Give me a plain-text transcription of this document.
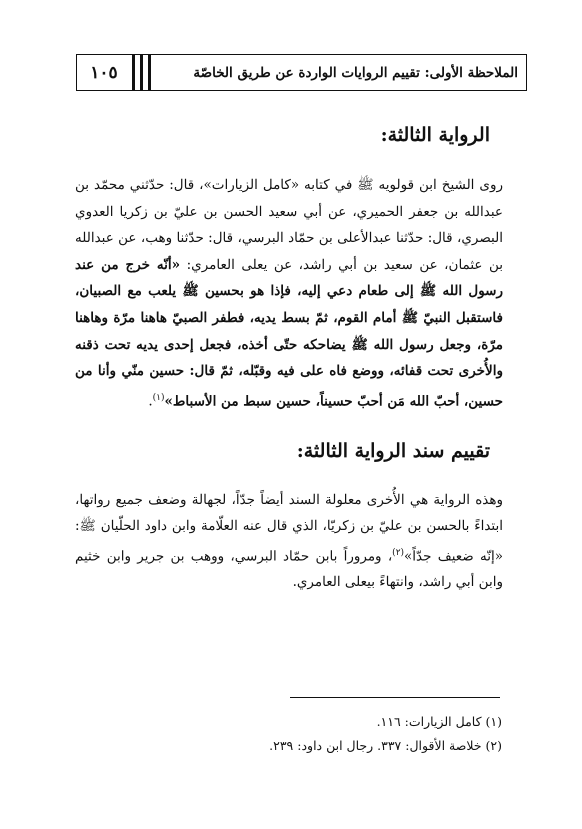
١٠٥	الملاحظة الأولى: تقييم الروايات الواردة عن طريق الخاصّة
الرواية الثالثة:

روى الشيخ ابن قولويه ﷺ في كتابه «كامل الزيارات»، قال: حدّثني محمّد بن عبدالله بن جعفر الحميري، عن أبي سعيد الحسن بن عليّ بن زكريا العدوي البصري، قال: حدّثنا عبدالأعلى بن حمّاد البرسي، قال: حدّثنا وهب، عن عبدالله بن عثمان، عن سعيد بن أبي راشد، عن يعلى العامري: «أنّه خرج من عند رسول الله ﷺ إلى طعام دعي إليه، فإذا هو بحسين ﷺ يلعب مع الصبيان، فاستقبل النبيّ ﷺ أمام القوم، ثمّ بسط يديه، فطفر الصبيّ هاهنا مرّة وهاهنا مرّة، وجعل رسول الله ﷺ يضاحكه حتّى أخذه، فجعل إحدى يديه تحت ذقنه والأُخرى تحت قفائه، ووضع فاه على فيه وقبّله، ثمّ قال: حسين منّي وأنا من حسين، أحبّ الله مَن أحبّ حسيناً، حسين سبط من الأسباط»$^{(١)}$.

تقييم سند الرواية الثالثة:

وهذه الرواية هي الأُخرى معلولة السند أيضاً جدّاً، لجهالة وضعف جميع رواتها، ابتداءً بالحسن بن عليّ بن زكريّا، الذي قال عنه العلّامة وابن داود الحلّيان ﷺ: «إنّه ضعيف جدّاً»$^{(٢)}$، ومروراً بابن حمّاد البرسي، ووهب بن جرير وابن خثيم وابن أبي راشد، وانتهاءً بيعلى العامري.

(١) كامل الزيارات: ١١٦.
(٢) خلاصة الأقوال: ٣٣٧. رجال ابن داود: ٢٣٩.
